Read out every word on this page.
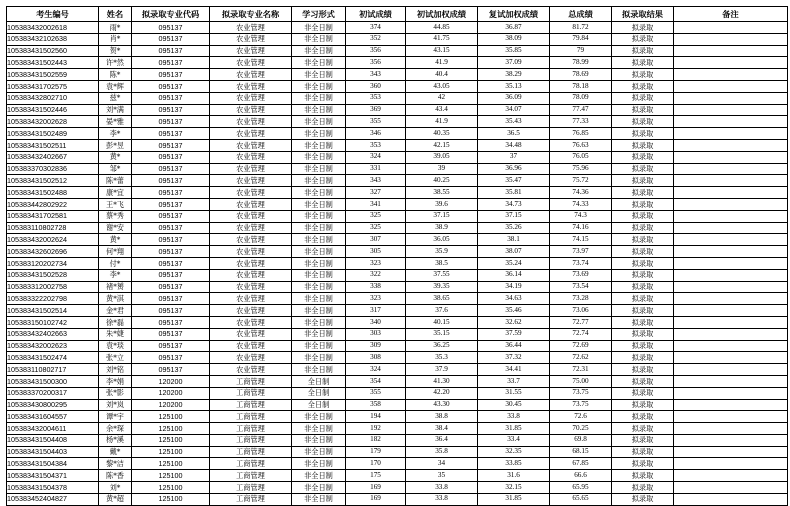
考生编号	姓名	拟录取专业代码	拟录取专业名称	学习形式	初试成绩	初试加权成绩	复试加权成绩	总成绩	拟录取结果	备注
105383432002618	雨*	095137	农业管理	非全日制	374	44.85	36.87	81.72	拟录取	
105383432102638	肖*	095137	农业管理	非全日制	352	41.75	38.09	79.84	拟录取	
105383431502560	贺*	095137	农业管理	非全日制	356	43.15	35.85	79	拟录取	
105383431502443	许*然	095137	农业管理	非全日制	356	41.9	37.09	78.99	拟录取	
105383431502559	陈*	095137	农业管理	非全日制	343	40.4	38.29	78.69	拟录取	
105383431702575	袁*辉	095137	农业管理	非全日制	360	43.05	35.13	78.18	拟录取	
105383432802710	兹*	095137	农业管理	非全日制	353	42	36.09	78.09	拟录取	
105383431502446	刘*满	095137	农业管理	非全日制	369	43.4	34.07	77.47	拟录取	
105383432002628	晏*雅	095137	农业管理	非全日制	355	41.9	35.43	77.33	拟录取	
105383431502489	李*	095137	农业管理	非全日制	346	40.35	36.5	76.85	拟录取	
105383431502511	彭*昱	095137	农业管理	非全日制	353	42.15	34.48	76.63	拟录取	
105383432402667	黄*	095137	农业管理	非全日制	324	39.05	37	76.05	拟录取	
105383370302836	邹*	095137	农业管理	非全日制	331	39	36.96	75.96	拟录取	
105383431502512	陈*蕾	095137	农业管理	非全日制	343	40.25	35.47	75.72	拟录取	
105383431502488	康*宜	095137	农业管理	非全日制	327	38.55	35.81	74.36	拟录取	
105383442802922	王*飞	095137	农业管理	非全日制	341	39.6	34.73	74.33	拟录取	
105383431702581	蔡*秀	095137	农业管理	非全日制	325	37.15	37.15	74.3	拟录取	
105383110802728	谢*安	095137	农业管理	非全日制	325	38.9	35.26	74.16	拟录取	
105383432002624	黄*	095137	农业管理	非全日制	307	36.05	38.1	74.15	拟录取	
105383432602696	何*翔	095137	农业管理	非全日制	305	35.9	38.07	73.97	拟录取	
105383120202734	付*	095137	农业管理	非全日制	323	38.5	35.24	73.74	拟录取	
105383431502528	李*	095137	农业管理	非全日制	322	37.55	36.14	73.69	拟录取	
105383312002758	褚*赟	095137	农业管理	非全日制	338	39.35	34.19	73.54	拟录取	
105383322202798	黄*淇	095137	农业管理	非全日制	323	38.65	34.63	73.28	拟录取	
105383431502514	金*君	095137	农业管理	非全日制	317	37.6	35.46	73.06	拟录取	
105383150102742	徐*磊	095137	农业管理	非全日制	340	40.15	32.62	72.77	拟录取	
105383432402663	朱*婕	095137	农业管理	非全日制	303	35.15	37.59	72.74	拟录取	
105383432002623	袁*琰	095137	农业管理	非全日制	309	36.25	36.44	72.69	拟录取	
105383431502474	张*立	095137	农业管理	非全日制	308	35.3	37.32	72.62	拟录取	
105383110802717	刘*铭	095137	农业管理	非全日制	324	37.9	34.41	72.31	拟录取	
105383431500300	李*娟	120200	工商管理	全日制	354	41.30	33.7	75.00	拟录取	
105383370200317	张*影	120200	工商管理	全日制	355	42.20	31.55	73.75	拟录取	
105383430800295	刘*岚	120200	工商管理	全日制	358	43.30	30.45	73.75	拟录取	
105383431604557	谭*宇	125100	工商管理	非全日制	194	38.8	33.8	72.6	拟录取	
105383432004611	余*琛	125100	工商管理	非全日制	192	38.4	31.85	70.25	拟录取	
105383431504408	杨*溪	125100	工商管理	非全日制	182	36.4	33.4	69.8	拟录取	
105383431504403	戴*	125100	工商管理	非全日制	179	35.8	32.35	68.15	拟录取	
105383431504384	黎*洁	125100	工商管理	非全日制	170	34	33.85	67.85	拟录取	
105383431504371	陈*香	125100	工商管理	非全日制	175	35	31.6	66.6	拟录取	
105383431504378	刘*	125100	工商管理	非全日制	169	33.8	32.15	65.95	拟录取	
105383452404827	黄*超	125100	工商管理	非全日制	169	33.8	31.85	65.65	拟录取	
